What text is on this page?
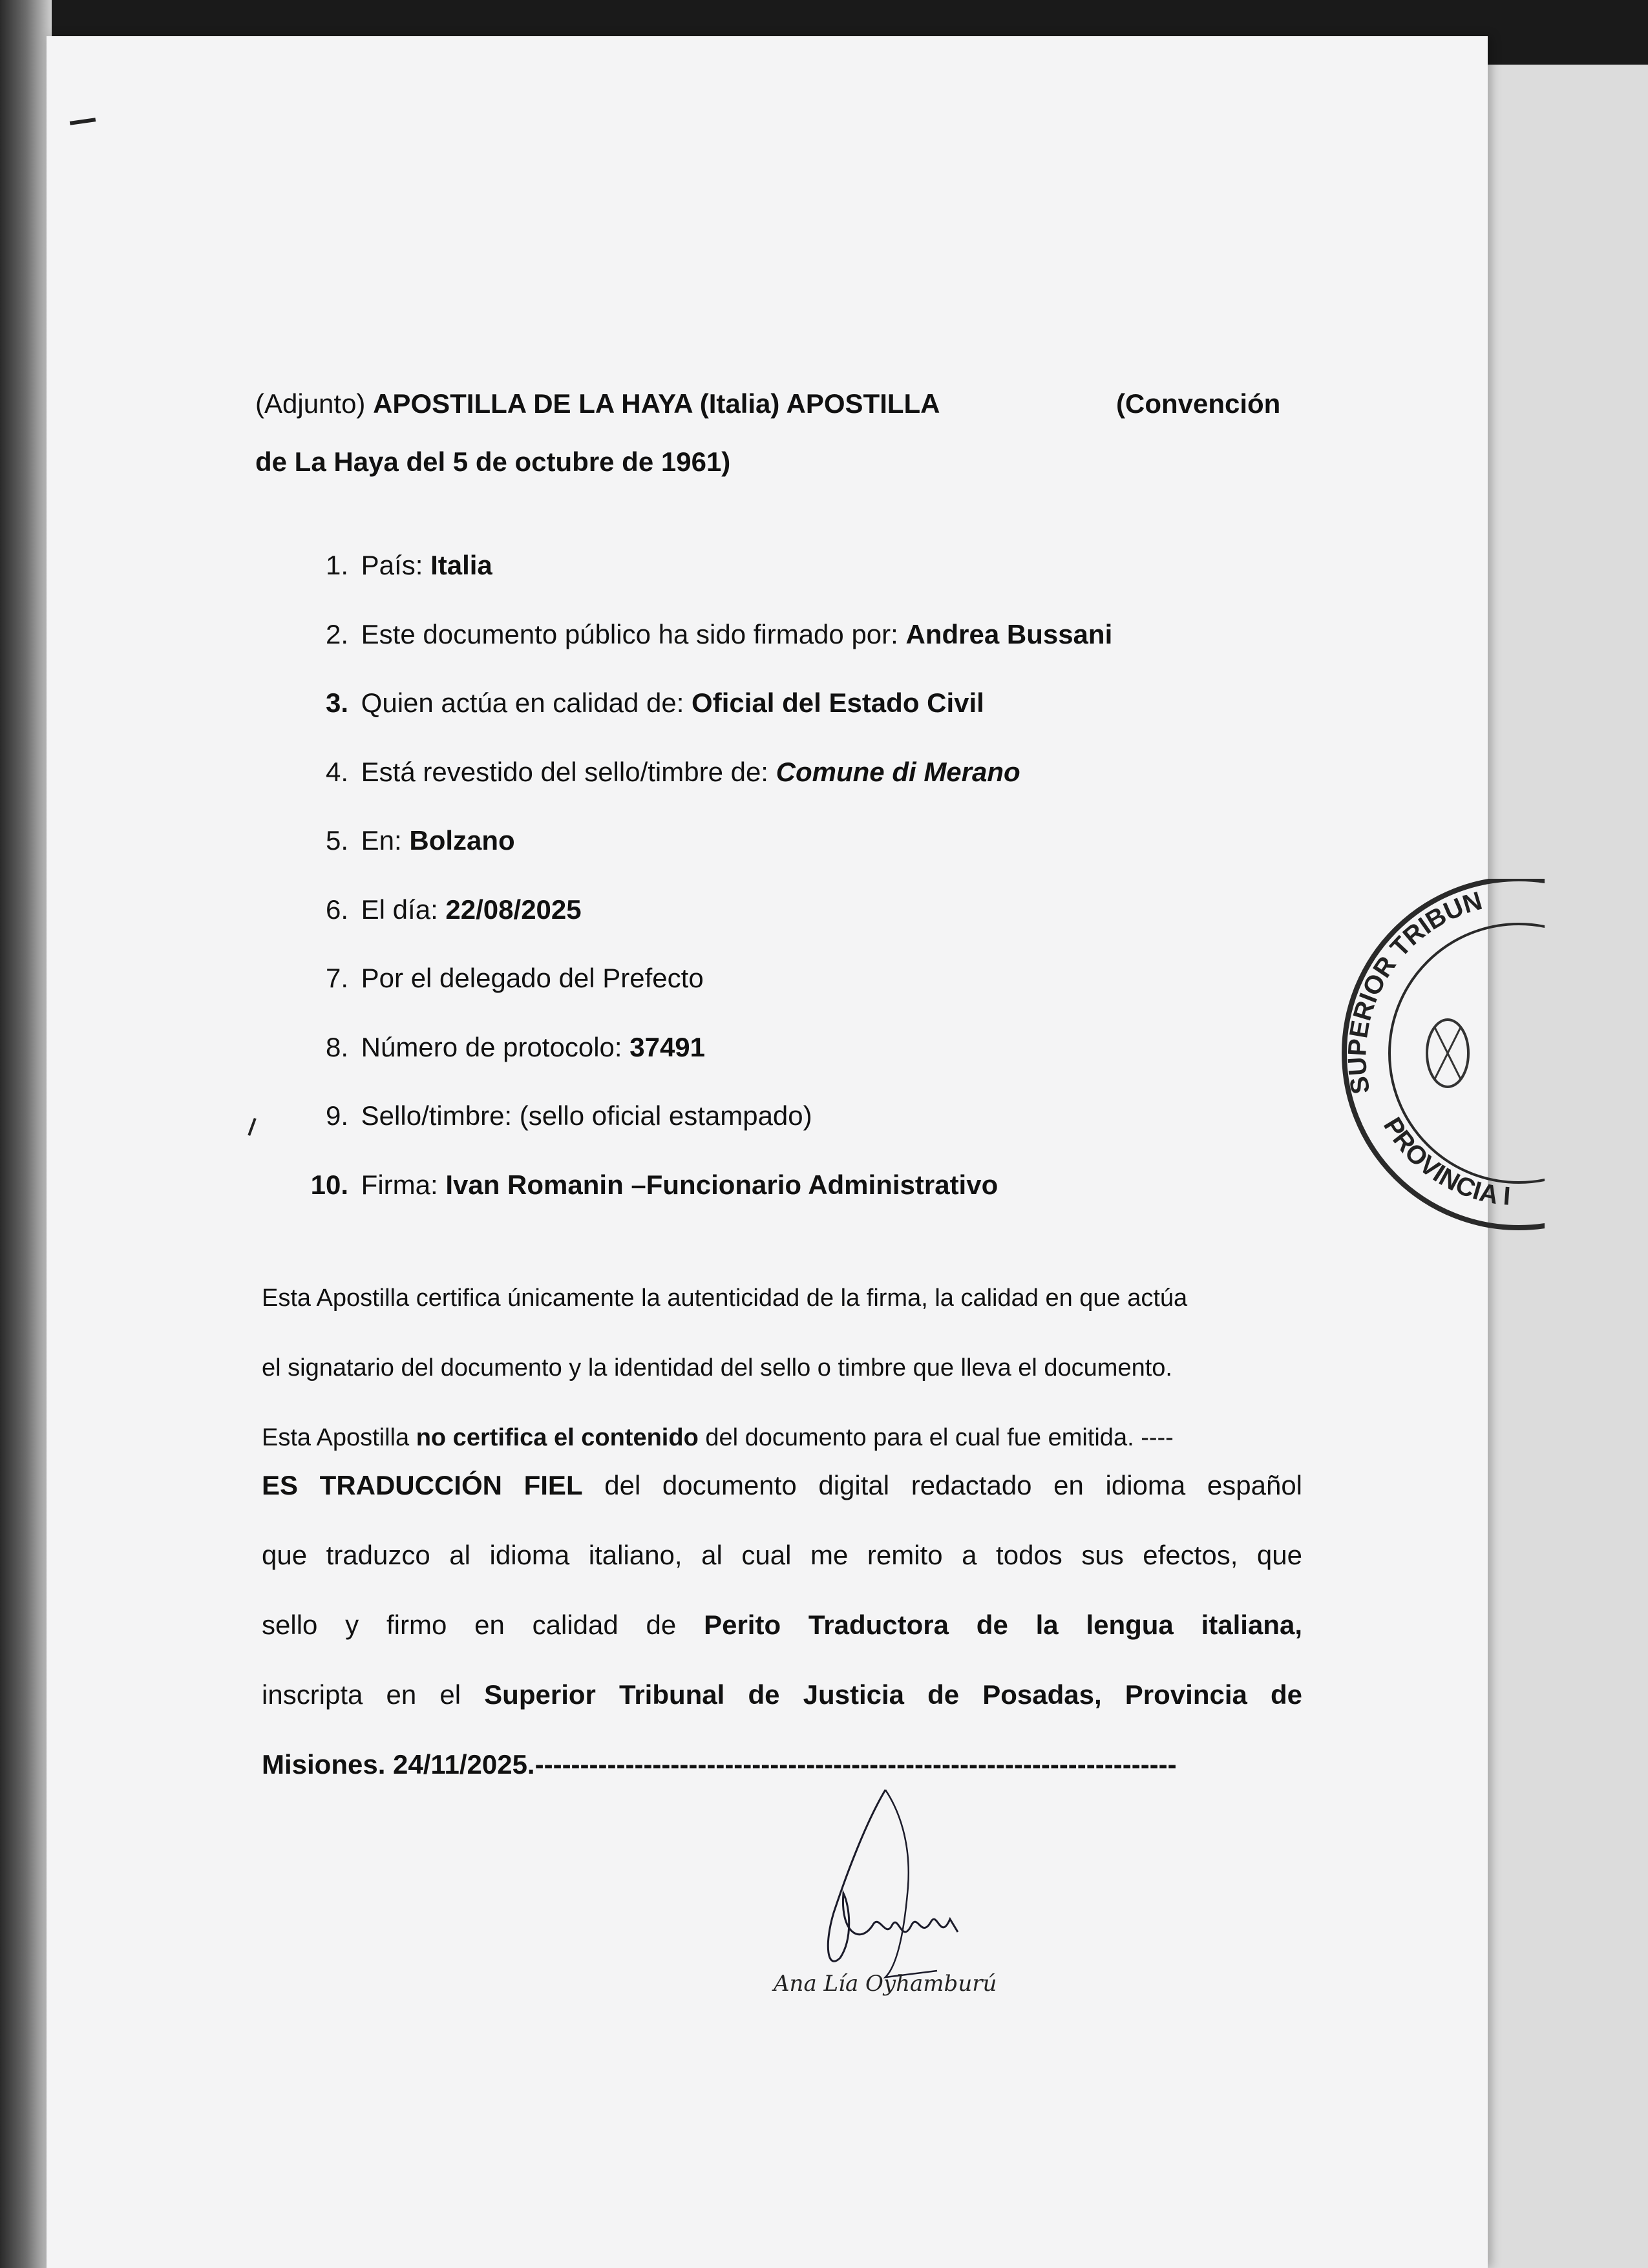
(Adjunto) APOSTILLA DE LA HAYA (Italia) APOSTILLA	(Convención
de La Haya del 5 de octubre de 1961)
1. País: Italia
2. Este documento público ha sido firmado por: Andrea Bussani
3. Quien actúa en calidad de: Oficial del Estado Civil
4. Está revestido del sello/timbre de: Comune di Merano
5. En: Bolzano
6. El día: 22/08/2025
7. Por el delegado del Prefecto
8. Número de protocolo: 37491
9. Sello/timbre: (sello oficial estampado)
10. Firma: Ivan Romanin –Funcionario Administrativo
Esta Apostilla certifica únicamente la autenticidad de la firma, la calidad en que actúa
el signatario del documento y la identidad del sello o timbre que lleva el documento.
Esta Apostilla no certifica el contenido del documento para el cual fue emitida. ----
ES TRADUCCIÓN FIEL del documento digital redactado en idioma español
que traduzco al idioma italiano, al cual me remito a todos sus efectos, que
sello y firmo en calidad de Perito Traductora de la lengua italiana,
inscripta en el Superior Tribunal de Justicia de Posadas, Provincia de
Misiones. 24/11/2025.-----------------------------------------------------------------------
Ana Lía Oyhamburú
SUPERIOR TRIBUN
PROVINCIA I
